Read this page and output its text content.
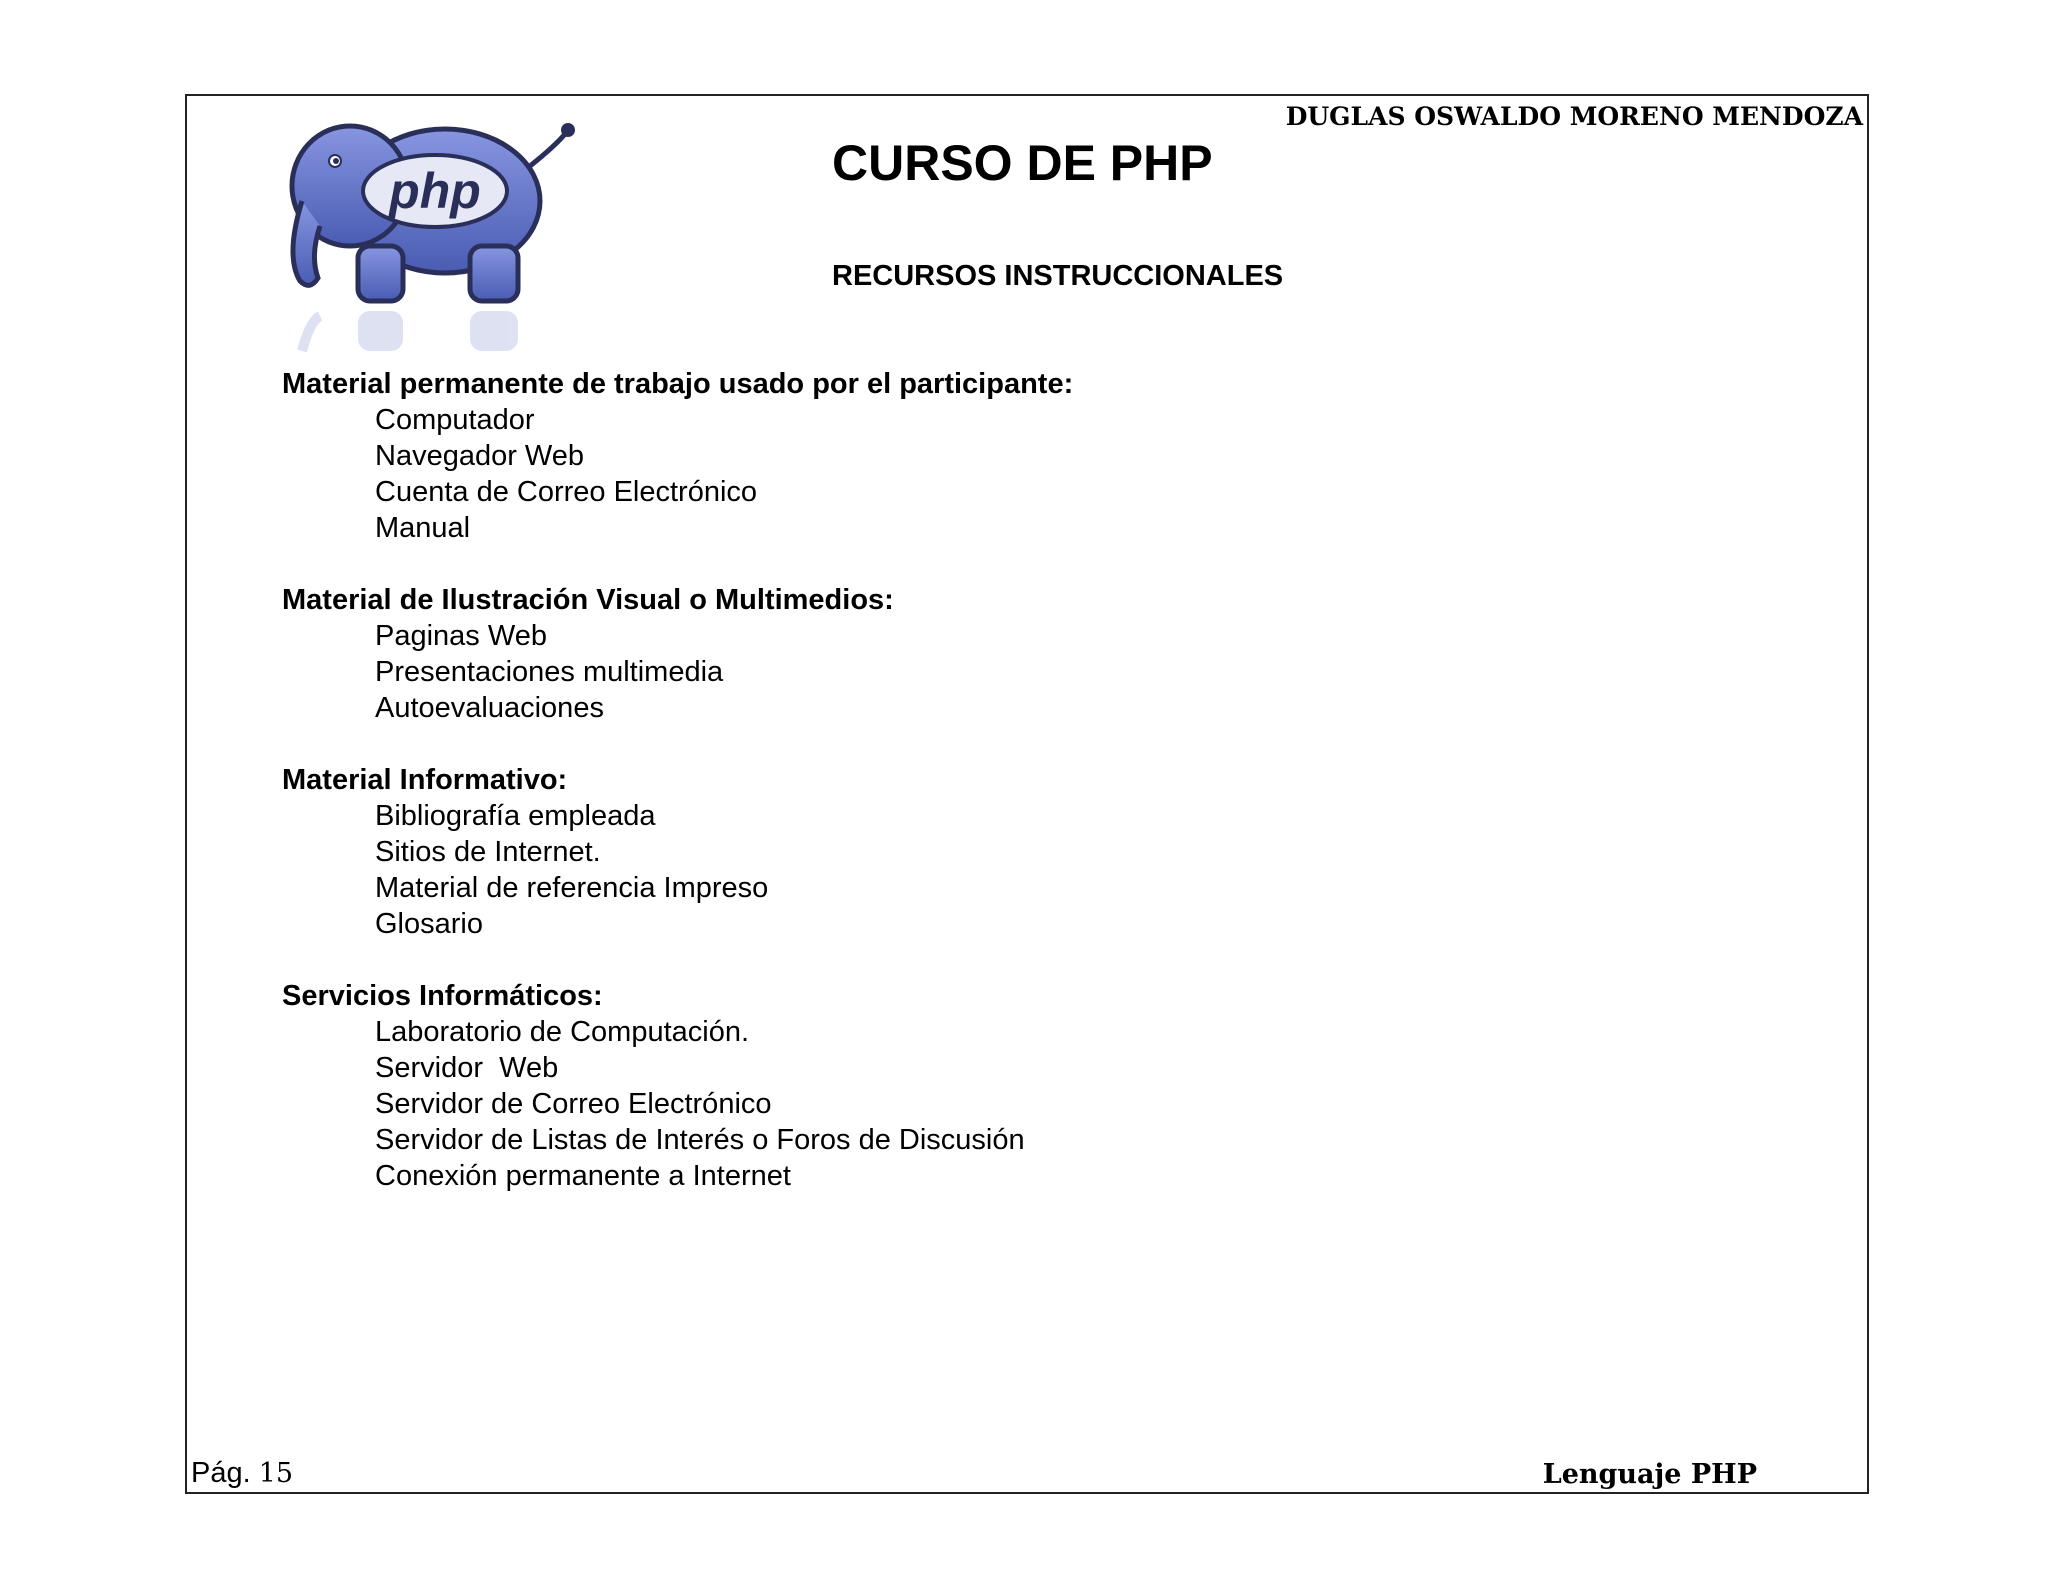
DUGLAS OSWALDO MORENO MENDOZA
php	CURSO DE PHP
RECURSOS INSTRUCCIONALES

Material permanente de trabajo usado por el participante:

Computador
Navegador Web
Cuenta de Correo Electrónico
Manual

Material de Ilustración Visual o Multimedios:

Paginas Web
Presentaciones multimedia
Autoevaluaciones

Material Informativo:

Bibliografía empleada
Sitios de Internet.
Material de referencia Impreso
Glosario

Servicios Informáticos:

Laboratorio de Computación.
Servidor  Web
Servidor de Correo Electrónico
Servidor de Listas de Interés o Foros de Discusión
Conexión permanente a Internet
Pág. 15	Lenguaje PHP
